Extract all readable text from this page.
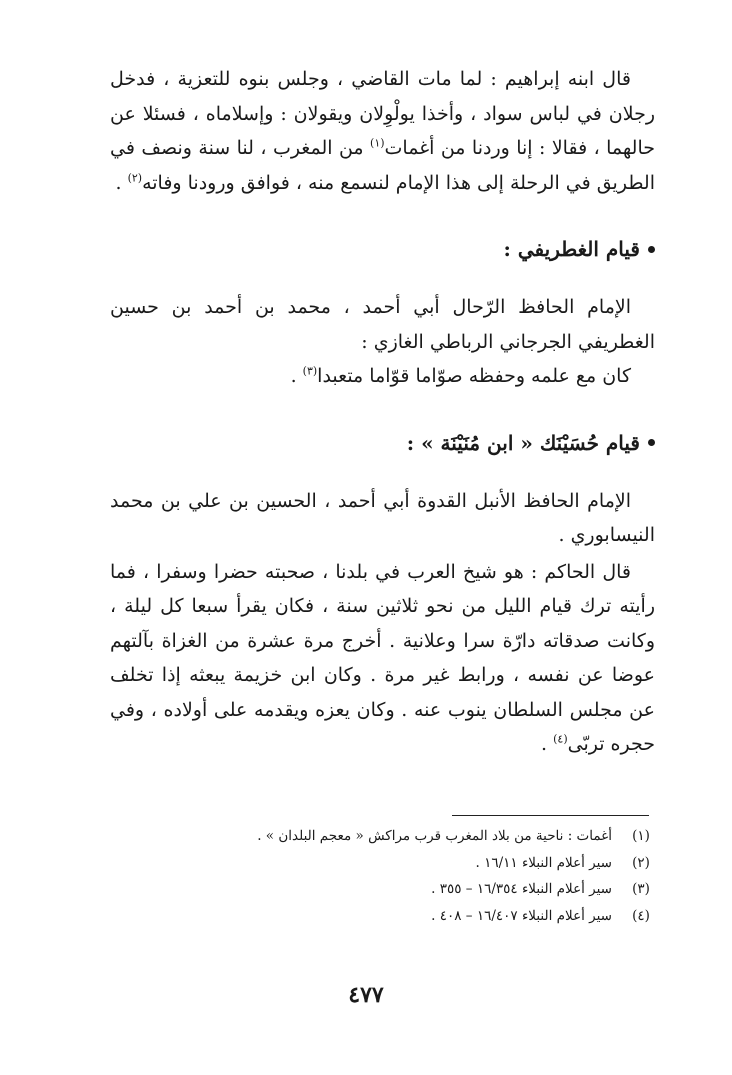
قال ابنه إبراهيم : لما مات القاضي ، وجلس بنوه للتعزية ، فدخل رجلان في لباس سواد ، وأخذا يولْوِلان ويقولان : وإسلاماه ، فسئلا عن حالهما ، فقالا : إنا وردنا من أغمات$^{(١)}$ من المغرب ، لنا سنة ونصف في الطريق في الرحلة إلى هذا الإمام لنسمع منه ، فوافق ورودنا وفاته$^{(٢)}$ .

قيام الغطريفي :

الإمام الحافظ الرّحال أبي أحمد ، محمد بن أحمد بن حسين الغطريفي الجرجاني الرباطي الغازي :

كان مع علمه وحفظه صوّاما قوّاما متعبدا$^{(٣)}$ .

قيام حُسَيْنَك « ابن مُنَيْنَة » :

الإمام الحافظ الأنبل القدوة أبي أحمد ، الحسين بن علي بن محمد النيسابوري .

قال الحاكم : هو شيخ العرب في بلدنا ، صحبته حضرا وسفرا ، فما رأيته ترك قيام الليل من نحو ثلاثين سنة ، فكان يقرأ سبعا كل ليلة ، وكانت صدقاته دارّة سرا وعلانية . أخرج مرة عشرة من الغزاة بآلتهم عوضا عن نفسه ، ورابط غير مرة . وكان ابن خزيمة يبعثه إذا تخلف عن مجلس السلطان ينوب عنه . وكان يعزه ويقدمه على أولاده ، وفي حجره تربّى$^{(٤)}$ .

(١)
أغمات : ناحية من بلاد المغرب قرب مراكش « معجم البلدان » .
(٢)
سير أعلام النبلاء ١٦/١١ .
(٣)
سير أعلام النبلاء ١٦/٣٥٤ – ٣٥٥ .
(٤)
سير أعلام النبلاء ١٦/٤٠٧ – ٤٠٨ .
٤٧٧
